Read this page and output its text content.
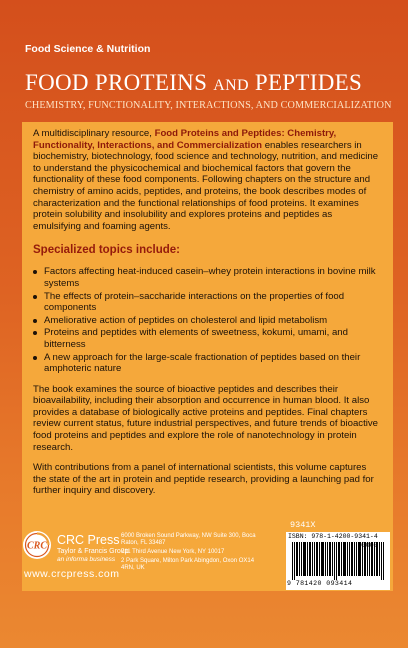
Food Science & Nutrition
FOOD PROTEINS AND PEPTIDES
CHEMISTRY, FUNCTIONALITY, INTERACTIONS, AND COMMERCIALIZATION

A multidisciplinary resource, Food Proteins and Peptides: Chemistry, Functionality, Interactions, and Commercialization enables researchers in biochemistry, biotechnology, food science and technology, nutrition, and medicine to understand the physicochemical and biochemical factors that govern the functionality of these food components. Following chapters on the structure and chemistry of amino acids, peptides, and proteins, the book describes modes of characterization and the functional relationships of food proteins. It examines protein solubility and insolubility and explores proteins and peptides as emulsifying and foaming agents.

Specialized topics include:
Factors affecting heat-induced casein–whey protein interactions in bovine milk systems
The effects of protein–saccharide interactions on the properties of food components
Ameliorative action of peptides on cholesterol and lipid metabolism
Proteins and peptides with elements of sweetness, kokumi, umami, and bitterness
A new approach for the large-scale fractionation of peptides based on their amphoteric nature

The book examines the source of bioactive peptides and describes their bioavailability, including their absorption and occurrence in human blood. It also provides a database of biologically active proteins and peptides. Final chapters review current status, future industrial perspectives, and future trends of bioactive food proteins and peptides and explore the role of nanotechnology in protein research.

With contributions from a panel of international scientists, this volume captures the state of the art in protein and peptide research, providing a launching pad for further inquiry and discovery.

CRC CRC Press
Taylor & Francis Group
an informa business
www.crcpress.com
6000 Broken Sound Parkway, NW Suite 300, Boca Raton, FL 33487
711 Third Avenue New York, NY 10017
2 Park Square, Milton Park Abingdon, Oxon OX14 4RN, UK
9341X
ISBN: 978-1-4200-9341-4
9 781420 093414
